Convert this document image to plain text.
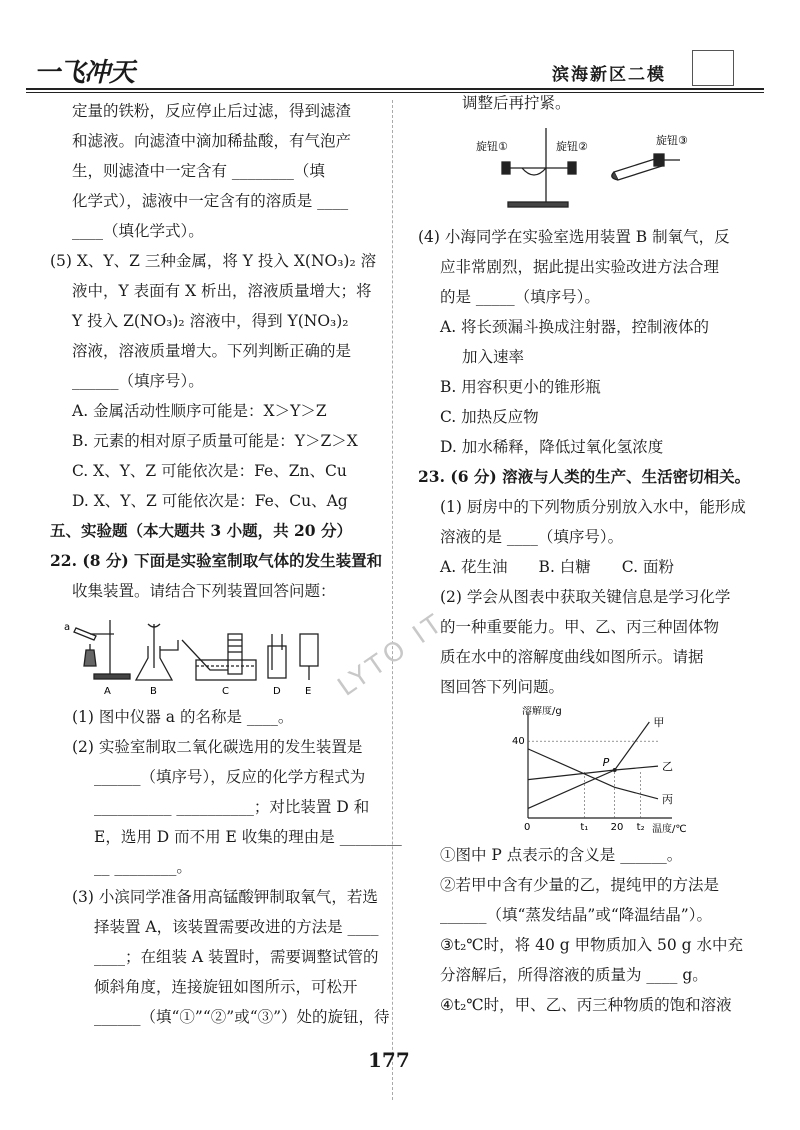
一飞冲天	滨海新区二模
LYTO IT

定量的铁粉，反应停止后过滤，得到滤渣

和滤液。向滤渣中滴加稀盐酸，有气泡产

生，则滤渣中一定含有 ________（填

化学式），滤液中一定含有的溶质是 ____

____（填化学式）。

(5) X、Y、Z 三种金属，将 Y 投入 X(NO₃)₂ 溶

液中，Y 表面有 X 析出，溶液质量增大；将

Y 投入 Z(NO₃)₂ 溶液中，得到 Y(NO₃)₂

溶液，溶液质量增大。下列判断正确的是

______（填序号）。

A. 金属活动性顺序可能是：X＞Y＞Z

B. 元素的相对原子质量可能是：Y＞Z＞X

C. X、Y、Z 可能依次是：Fe、Zn、Cu

D. X、Y、Z 可能依次是：Fe、Cu、Ag

五、实验题（本大题共 3 小题，共 20 分）

22. (8 分) 下面是实验室制取气体的发生装置和

收集装置。请结合下列装置回答问题：

A	B	C	D E
a

(1) 图中仪器 a 的名称是 ____。

(2) 实验室制取二氧化碳选用的发生装置是

______（填序号），反应的化学方程式为

__________ __________；对比装置 D 和

E，选用 D 而不用 E 收集的理由是 ________

__ ________。

(3) 小滨同学准备用高锰酸钾制取氧气，若选

择装置 A，该装置需要改进的方法是 ____

____；在组装 A 装置时，需要调整试管的

倾斜角度，连接旋钮如图所示，可松开

______（填“①”“②”或“③”）处的旋钮，待

调整后再拧紧。

旋钮①	旋钮②	旋钮③

(4) 小海同学在实验室选用装置 B 制氧气，反

应非常剧烈，据此提出实验改进方法合理

的是 _____（填序号）。

A. 将长颈漏斗换成注射器，控制液体的

加入速率

B. 用容积更小的锥形瓶

C. 加热反应物

D. 加水稀释，降低过氧化氢浓度

23. (6 分) 溶液与人类的生产、生活密切相关。

(1) 厨房中的下列物质分别放入水中，能形成

溶液的是 ____（填序号）。

A. 花生油　　B. 白糖　　C. 面粉

(2) 学会从图表中获取关键信息是学习化学

的一种重要能力。甲、乙、丙三种固体物

质在水中的溶解度曲线如图所示。请据

图回答下列问题。

溶解度/g
温度/℃
40
0	t₁ 20 t₂
甲
乙
丙
P

①图中 P 点表示的含义是 ______。

②若甲中含有少量的乙，提纯甲的方法是

______（填“蒸发结晶”或“降温结晶”）。

③t₂℃时，将 40 g 甲物质加入 50 g 水中充

分溶解后，所得溶液的质量为 ____ g。

④t₂℃时，甲、乙、丙三种物质的饱和溶液

177
